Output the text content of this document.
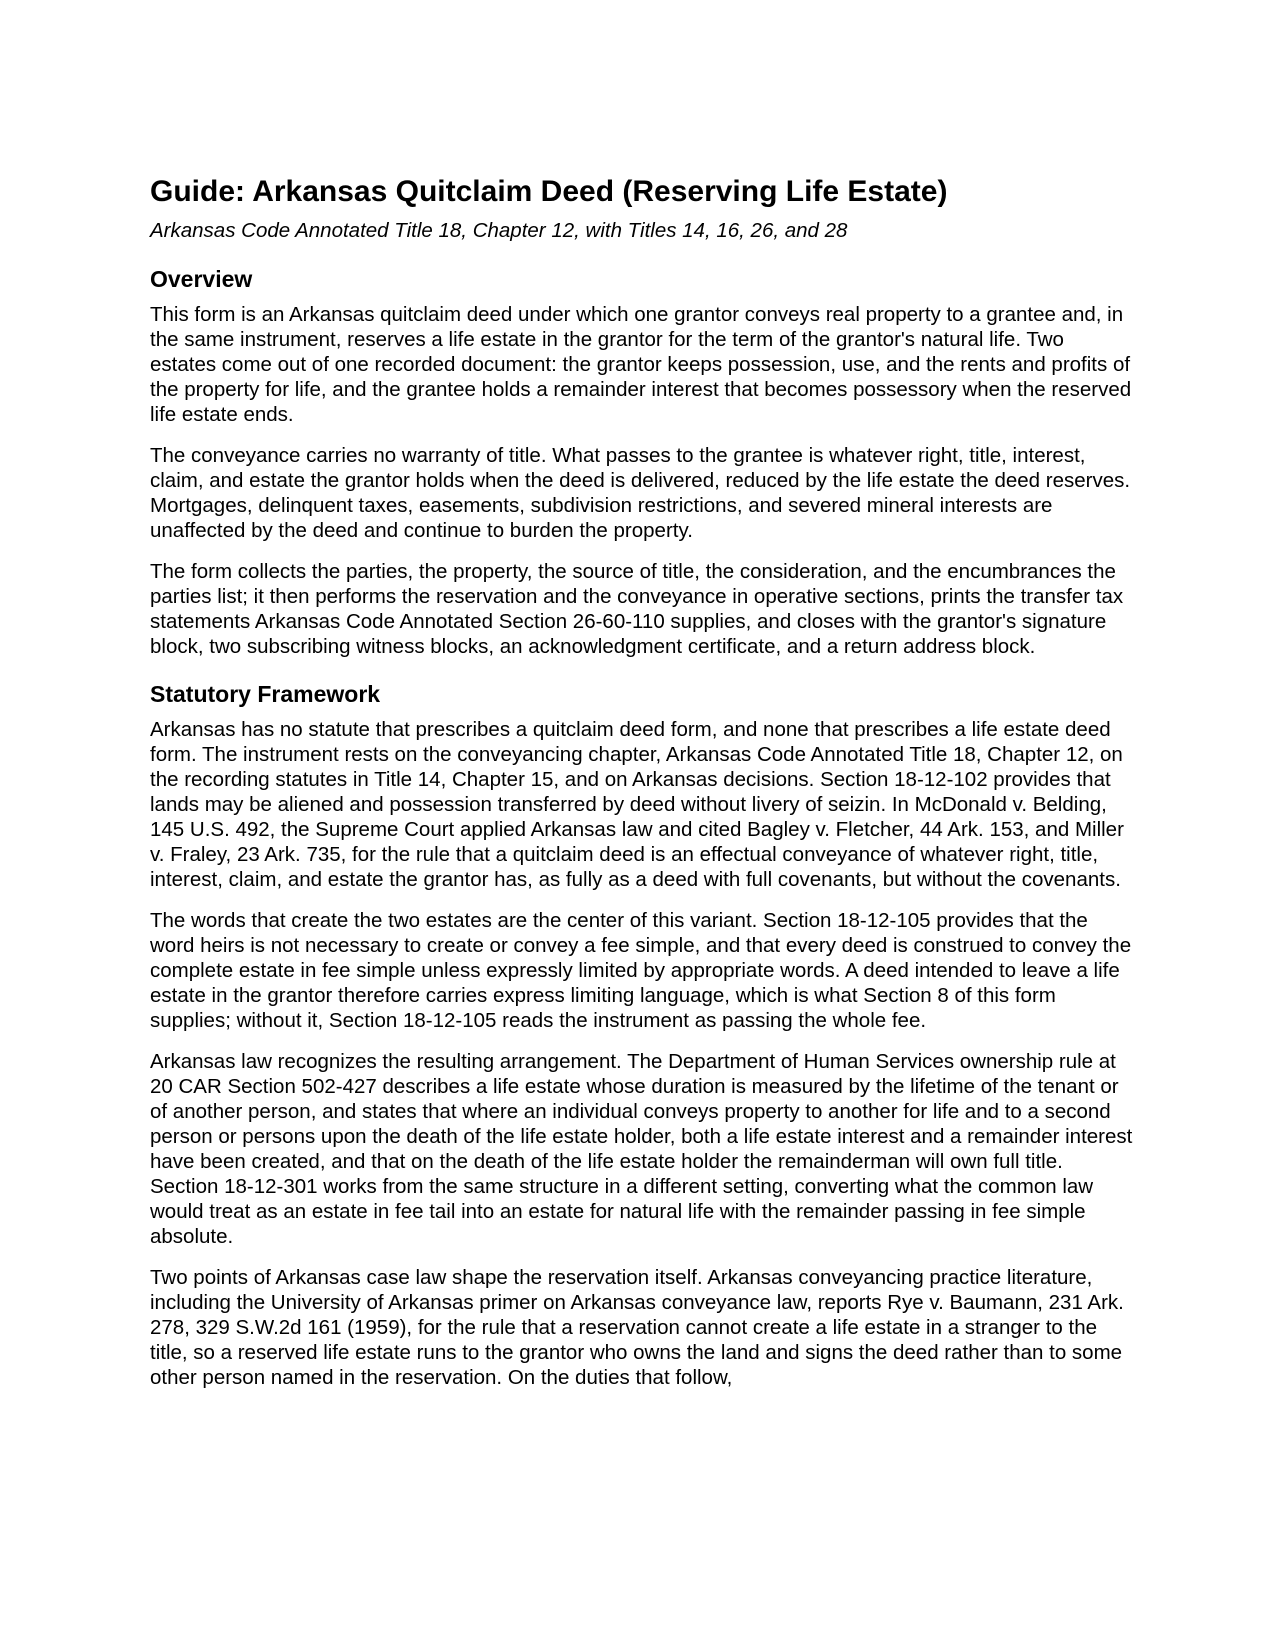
Guide: Arkansas Quitclaim Deed (Reserving Life Estate)
Arkansas Code Annotated Title 18, Chapter 12, with Titles 14, 16, 26, and 28
Overview

This form is an Arkansas quitclaim deed under which one grantor conveys real property to a grantee and, in the same instrument, reserves a life estate in the grantor for the term of the grantor's natural life. Two estates come out of one recorded document: the grantor keeps possession, use, and the rents and profits of the property for life, and the grantee holds a remainder interest that becomes possessory when the reserved life estate ends.

The conveyance carries no warranty of title. What passes to the grantee is whatever right, title, interest, claim, and estate the grantor holds when the deed is delivered, reduced by the life estate the deed reserves. Mortgages, delinquent taxes, easements, subdivision restrictions, and severed mineral interests are unaffected by the deed and continue to burden the property.

The form collects the parties, the property, the source of title, the consideration, and the encumbrances the parties list; it then performs the reservation and the conveyance in operative sections, prints the transfer tax statements Arkansas Code Annotated Section 26-60-110 supplies, and closes with the grantor's signature block, two subscribing witness blocks, an acknowledgment certificate, and a return address block.

Statutory Framework

Arkansas has no statute that prescribes a quitclaim deed form, and none that prescribes a life estate deed form. The instrument rests on the conveyancing chapter, Arkansas Code Annotated Title 18, Chapter 12, on the recording statutes in Title 14, Chapter 15, and on Arkansas decisions. Section 18-12-102 provides that lands may be aliened and possession transferred by deed without livery of seizin. In McDonald v. Belding, 145 U.S. 492, the Supreme Court applied Arkansas law and cited Bagley v. Fletcher, 44 Ark. 153, and Miller v. Fraley, 23 Ark. 735, for the rule that a quitclaim deed is an effectual conveyance of whatever right, title, interest, claim, and estate the grantor has, as fully as a deed with full covenants, but without the covenants.

The words that create the two estates are the center of this variant. Section 18-12-105 provides that the word heirs is not necessary to create or convey a fee simple, and that every deed is construed to convey the complete estate in fee simple unless expressly limited by appropriate words. A deed intended to leave a life estate in the grantor therefore carries express limiting language, which is what Section 8 of this form supplies; without it, Section 18-12-105 reads the instrument as passing the whole fee.

Arkansas law recognizes the resulting arrangement. The Department of Human Services ownership rule at 20 CAR Section 502-427 describes a life estate whose duration is measured by the lifetime of the tenant or of another person, and states that where an individual conveys property to another for life and to a second person or persons upon the death of the life estate holder, both a life estate interest and a remainder interest have been created, and that on the death of the life estate holder the remainderman will own full title. Section 18-12-301 works from the same structure in a different setting, converting what the common law would treat as an estate in fee tail into an estate for natural life with the remainder passing in fee simple absolute.

Two points of Arkansas case law shape the reservation itself. Arkansas conveyancing practice literature, including the University of Arkansas primer on Arkansas conveyance law, reports Rye v. Baumann, 231 Ark. 278, 329 S.W.2d 161 (1959), for the rule that a reservation cannot create a life estate in a stranger to the title, so a reserved life estate runs to the grantor who owns the land and signs the deed rather than to some other person named in the reservation. On the duties that follow,
